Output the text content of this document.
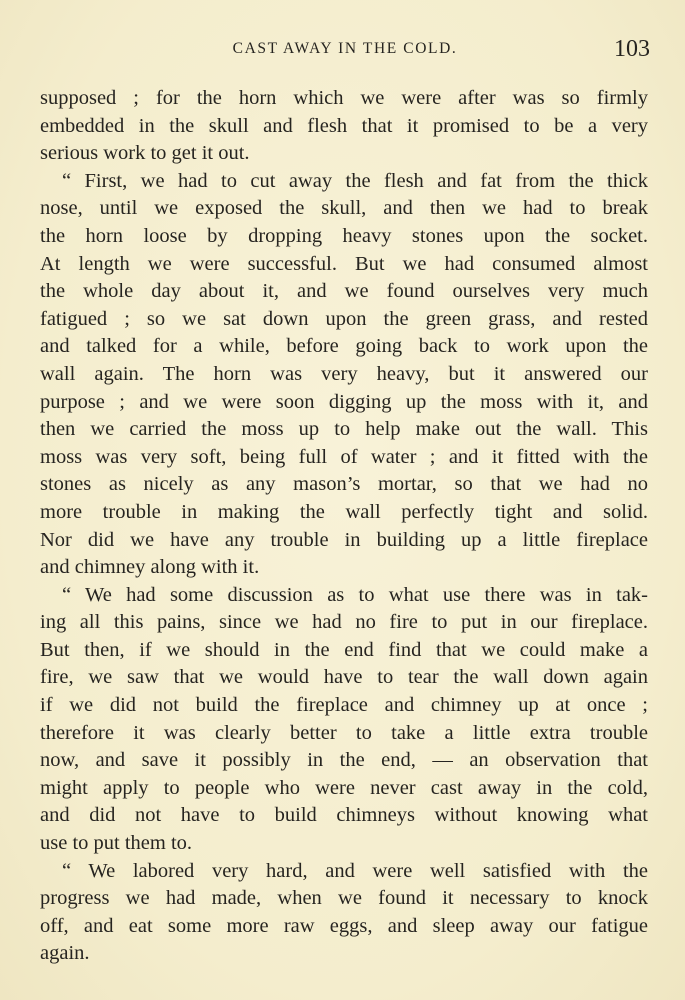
CAST AWAY IN THE COLD.	103
supposed ; for the horn which we were after was so firmly
embedded in the skull and flesh that it promised to be a very
serious work to get it out.
“ First, we had to cut away the flesh and fat from the thick
nose, until we exposed the skull, and then we had to break
the horn loose by dropping heavy stones upon the socket.
At length we were successful. But we had consumed almost
the whole day about it, and we found ourselves very much
fatigued ; so we sat down upon the green grass, and rested
and talked for a while, before going back to work upon the
wall again. The horn was very heavy, but it answered our
purpose ; and we were soon digging up the moss with it, and
then we carried the moss up to help make out the wall. This
moss was very soft, being full of water ; and it fitted with the
stones as nicely as any mason’s mortar, so that we had no
more trouble in making the wall perfectly tight and solid.
Nor did we have any trouble in building up a little fireplace
and chimney along with it.
“ We had some discussion as to what use there was in tak-
ing all this pains, since we had no fire to put in our fireplace.
But then, if we should in the end find that we could make a
fire, we saw that we would have to tear the wall down again
if we did not build the fireplace and chimney up at once ;
therefore it was clearly better to take a little extra trouble
now, and save it possibly in the end, — an observation that
might apply to people who were never cast away in the cold,
and did not have to build chimneys without knowing what
use to put them to.
“ We labored very hard, and were well satisfied with the
progress we had made, when we found it necessary to knock
off, and eat some more raw eggs, and sleep away our fatigue
again.
